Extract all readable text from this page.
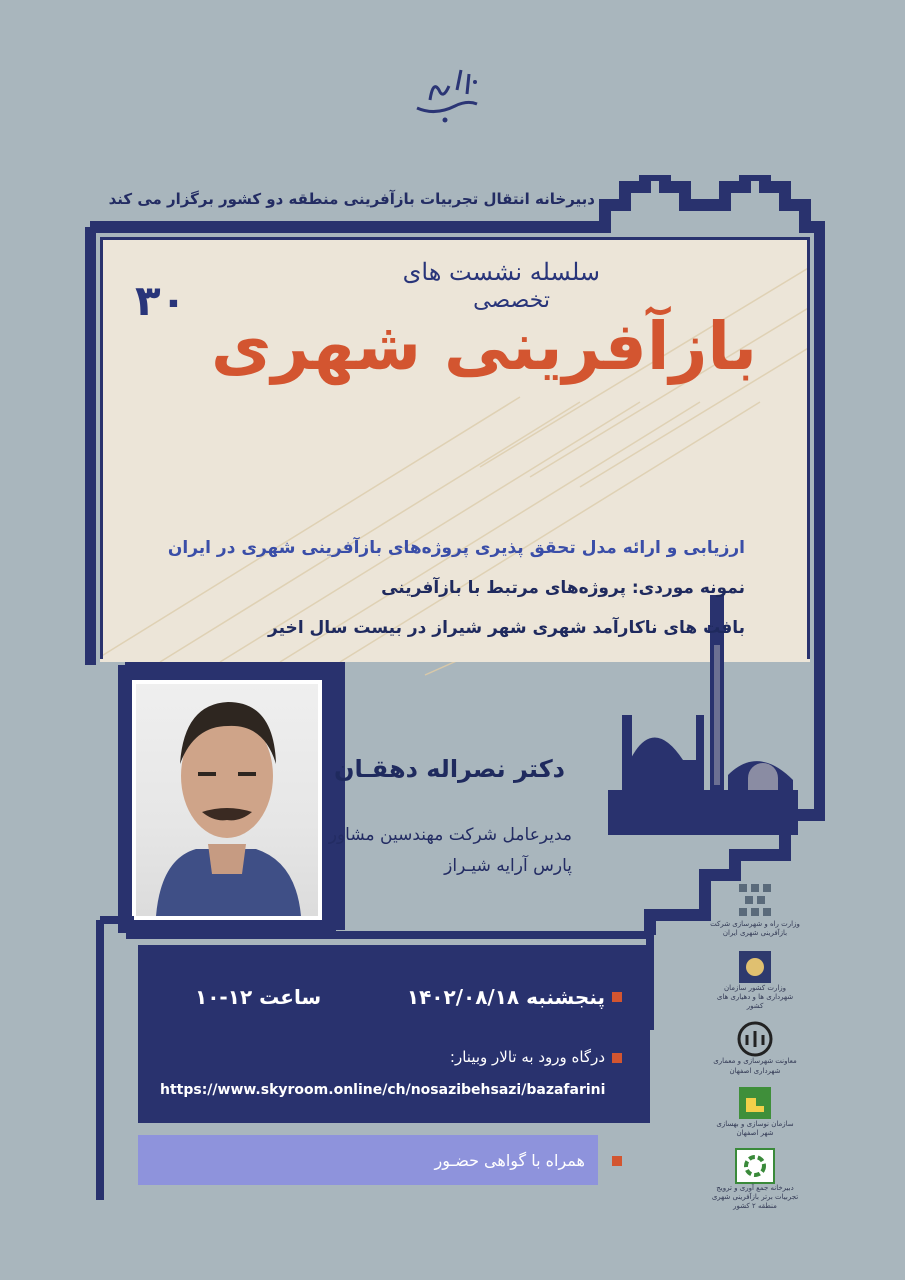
دبیرخانه انتقال تجربیات بازآفرینی منطقه دو کشور برگزار می کند
۳۰
سلسله نشست های
تخصصی
بازآفرینی شهری
ارزیابی و ارائه مدل تحقق پذیری پروژه‌های بازآفرینی شهری در ایران
نمونه موردی: پروژه‌های مرتبط با بازآفرینی
بافت های ناکارآمد شهری شهر شیراز در بیست سال اخیر
دکتر نصراله دهقـان
مدیرعامل شرکت مهندسین مشاور
پارس آرایه شیـراز
پنجشنبه ۱۴۰۲/۰۸/۱۸
ساعت ۱۲-۱۰
درگاه ورود به تالار وبینار:
https://www.skyroom.online/ch/nosazibehsazi/bazafarini
همراه با گواهی حضـور
وزارت راه و شهرسازی شرکت بازآفرینی شهری ایران
وزارت کشور سازمان شهرداری ها و دهیاری های کشور
معاونت شهرسازی و معماری شهرداری اصفهان
سازمان نوسازی و بهسازی شهر اصفهان
دبیرخانه جمع آوری و ترویج تجربیات برتر بازآفرینی شهری منطقه ۲ کشور
